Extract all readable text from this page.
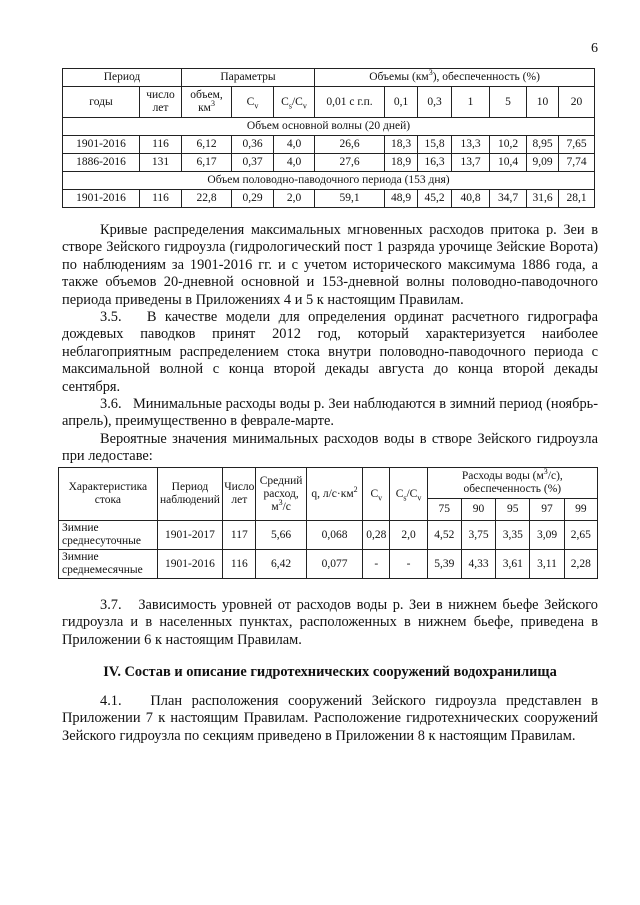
6
Период		Параметры			Объемы $(км^3)$, обеспеченность (%)						
годы	число лет	объем,
$км^3$	$C_v$	$C_s/C_v$	0,01 с г.п.	0,1	0,3	1	5	10	20
Объем основной волны (20 дней)											
1901-2016	116	6,12	0,36	4,0	26,6	18,3	15,8	13,3	10,2	8,95	7,65
1886-2016	131	6,17	0,37	4,0	27,6	18,9	16,3	13,7	10,4	9,09	7,74
Объем половодно-паводочного периода (153 дня)											
1901-2016	116	22,8	0,29	2,0	59,1	48,9	45,2	40,8	34,7	31,6	28,1

Кривые распределения максимальных мгновенных расходов притока р. Зеи в створе Зейского гидроузла (гидрологический пост 1 разряда урочище Зейские Ворота) по наблюдениям за 1901-2016 гг. и с учетом исторического максимума 1886 года, а также объемов 20-дневной основной и 153-дневной волны половодно-паводочного периода приведены в Приложениях 4 и 5 к настоящим Правилам.

3.5. В качестве модели для определения ординат расчетного гидрографа дождевых паводков принят 2012 год, который характеризуется наиболее неблагоприятным распределением стока внутри половодно-паводочного периода с максимальной волной с конца второй декады августа до конца второй декады сентября.

3.6. Минимальные расходы воды р. Зеи наблюдаются в зимний период (ноябрь-апрель), преимущественно в феврале-марте.

Вероятные значения минимальных расходов воды в створе Зейского гидроузла при ледоставе:

Характеристика стока	Период наблюдений	Число лет	Средний
расход,
$м^3/с$	q, $л/с\cdot км^2$	$C_v$	$C_s/C_v$	Расходы воды $(м^3/с)$,
обеспеченность (%)				
							75	90	95	97	99
Зимние среднесуточные	1901-2017	117	5,66	0,068	0,28	2,0	4,52	3,75	3,35	3,09	2,65
Зимние среднемесячные	1901-2016	116	6,42	0,077	-	-	5,39	4,33	3,61	3,11	2,28

3.7. Зависимость уровней от расходов воды р. Зеи в нижнем бьефе Зейского гидроузла и в населенных пунктах, расположенных в нижнем бьефе, приведена в Приложении 6 к настоящим Правилам.

IV. Состав и описание гидротехнических сооружений водохранилища

4.1. План расположения сооружений Зейского гидроузла представлен в Приложении 7 к настоящим Правилам. Расположение гидротехнических сооружений Зейского гидроузла по секциям приведено в Приложении 8 к настоящим Правилам.
